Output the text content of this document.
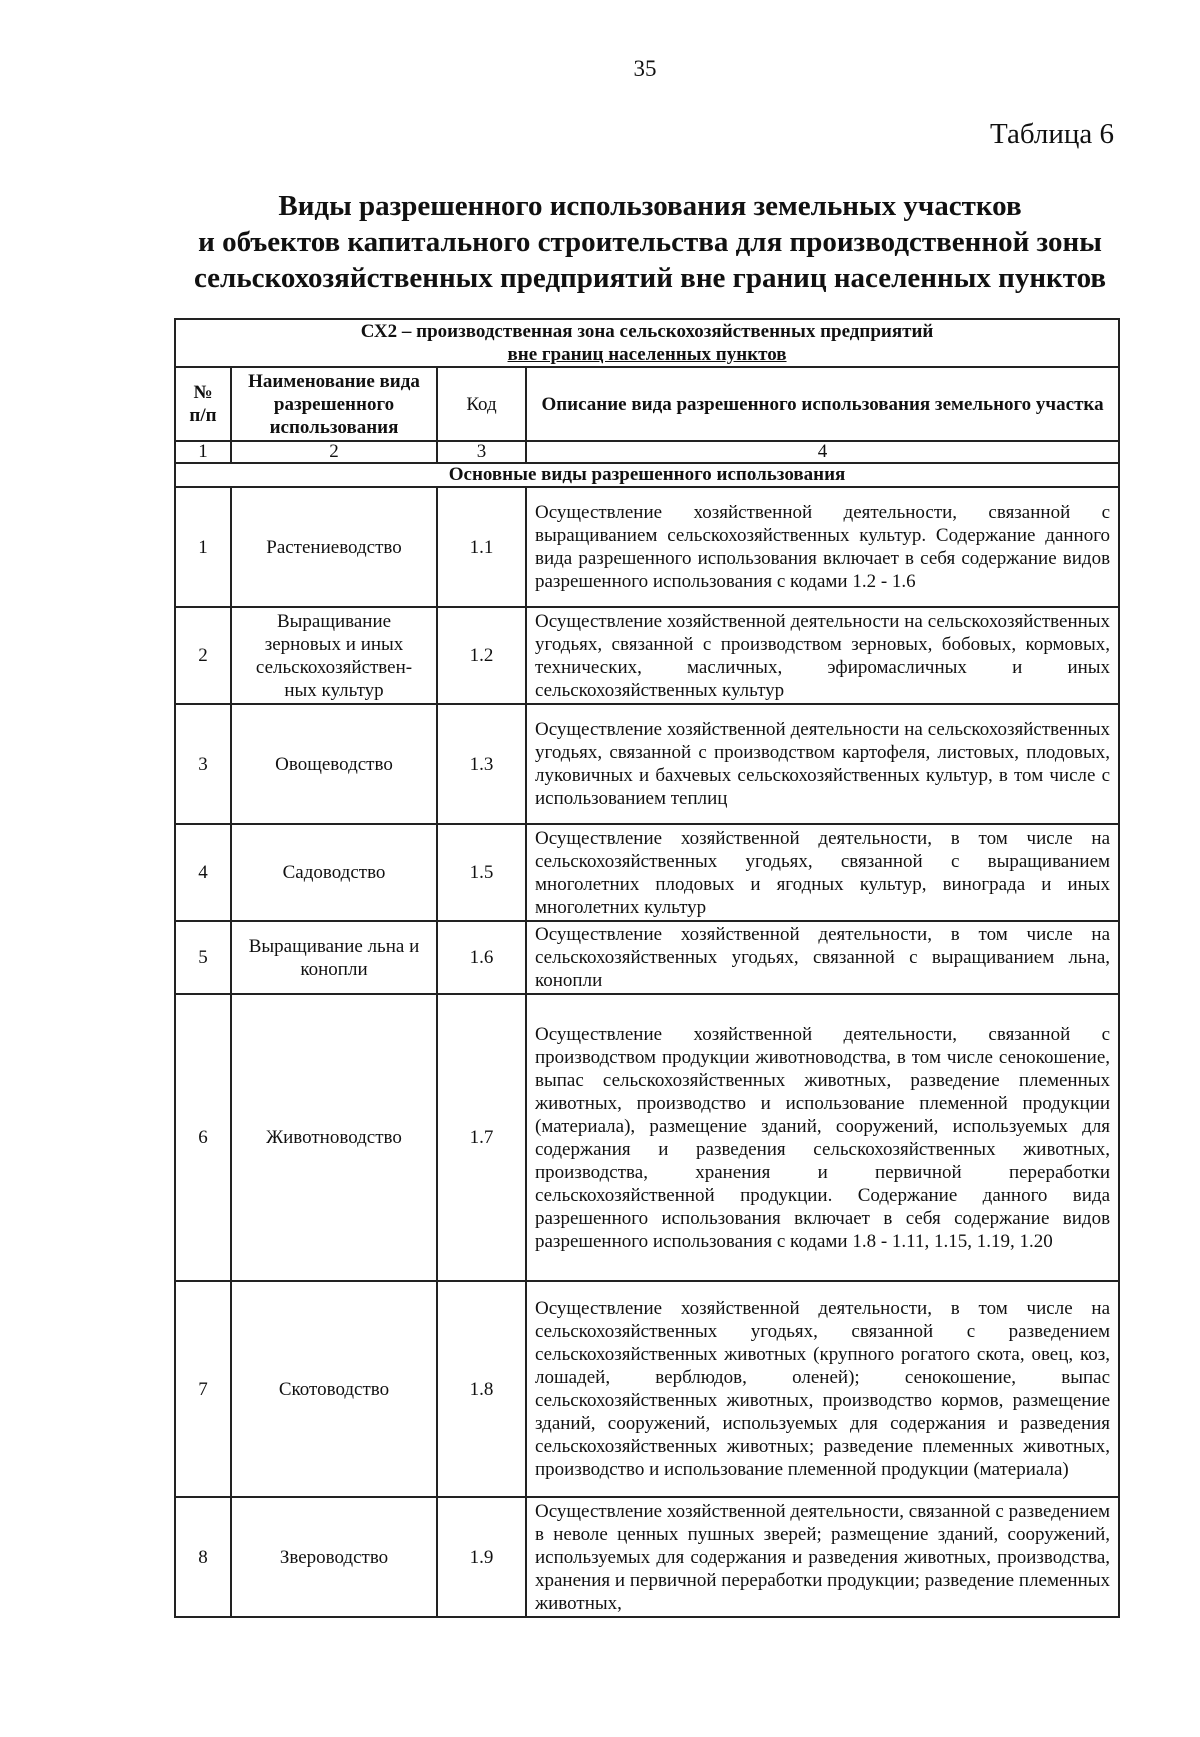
35
Таблица 6
Виды разрешенного использования земельных участков
и объектов капитального строительства для производственной зоны
сельскохозяйственных предприятий вне границ населенных пунктов
СХ2 – производственная зона сельскохозяйственных предприятий
вне границ населенных пунктов			

№ п/п	Наименование вида разрешенного использования	Код	Описание вида разрешенного использования земельного участка
1	2	3	4
Основные виды разрешенного использования			
1	Растениеводство	1.1	Осуществление хозяйственной деятельности, связанной с выращиванием сельскохозяйственных культур. Содержание данного вида разрешенного использования включает в себя содержание видов разрешенного использования с кодами 1.2 - 1.6
2	Выращивание зерновых и иных сельскохозяйствен-ных культур	1.2	Осуществление хозяйственной деятельности на сельскохозяйственных угодьях, связанной с производством зерновых, бобовых, кормовых, технических, масличных, эфиромасличных и иных сельскохозяйственных культур
3	Овощеводство	1.3	Осуществление хозяйственной деятельности на сельскохозяйственных угодьях, связанной с производством картофеля, листовых, плодовых, луковичных и бахчевых сельскохозяйственных культур, в том числе с использованием теплиц
4	Садоводство	1.5	Осуществление хозяйственной деятельности, в том числе на сельскохозяйственных угодьях, связанной с выращиванием многолетних плодовых и ягодных культур, винограда и иных многолетних культур
5	Выращивание льна и конопли	1.6	Осуществление хозяйственной деятельности, в том числе на сельскохозяйственных угодьях, связанной с выращиванием льна, конопли
6	Животноводство	1.7	Осуществление хозяйственной деятельности, связанной с производством продукции животноводства, в том числе сенокошение, выпас сельскохозяйственных животных, разведение племенных животных, производство и использование племенной продукции (материала), размещение зданий, сооружений, используемых для содержания и разведения сельскохозяйственных животных, производства, хранения и первичной переработки сельскохозяйственной продукции. Содержание данного вида разрешенного использования включает в себя содержание видов разрешенного использования с кодами 1.8 - 1.11, 1.15, 1.19, 1.20
7	Скотоводство	1.8	Осуществление хозяйственной деятельности, в том числе на сельскохозяйственных угодьях, связанной с разведением сельскохозяйственных животных (крупного рогатого скота, овец, коз, лошадей, верблюдов, оленей); сенокошение, выпас сельскохозяйственных животных, производство кормов, размещение зданий, сооружений, используемых для содержания и разведения сельскохозяйственных животных; разведение племенных животных, производство и использование племенной продукции (материала)
8	Звероводство	1.9	Осуществление хозяйственной деятельности, связанной с разведением в неволе ценных пушных зверей; размещение зданий, сооружений, используемых для содержания и разведения животных, производства, хранения и первичной переработки продукции; разведение племенных животных,
